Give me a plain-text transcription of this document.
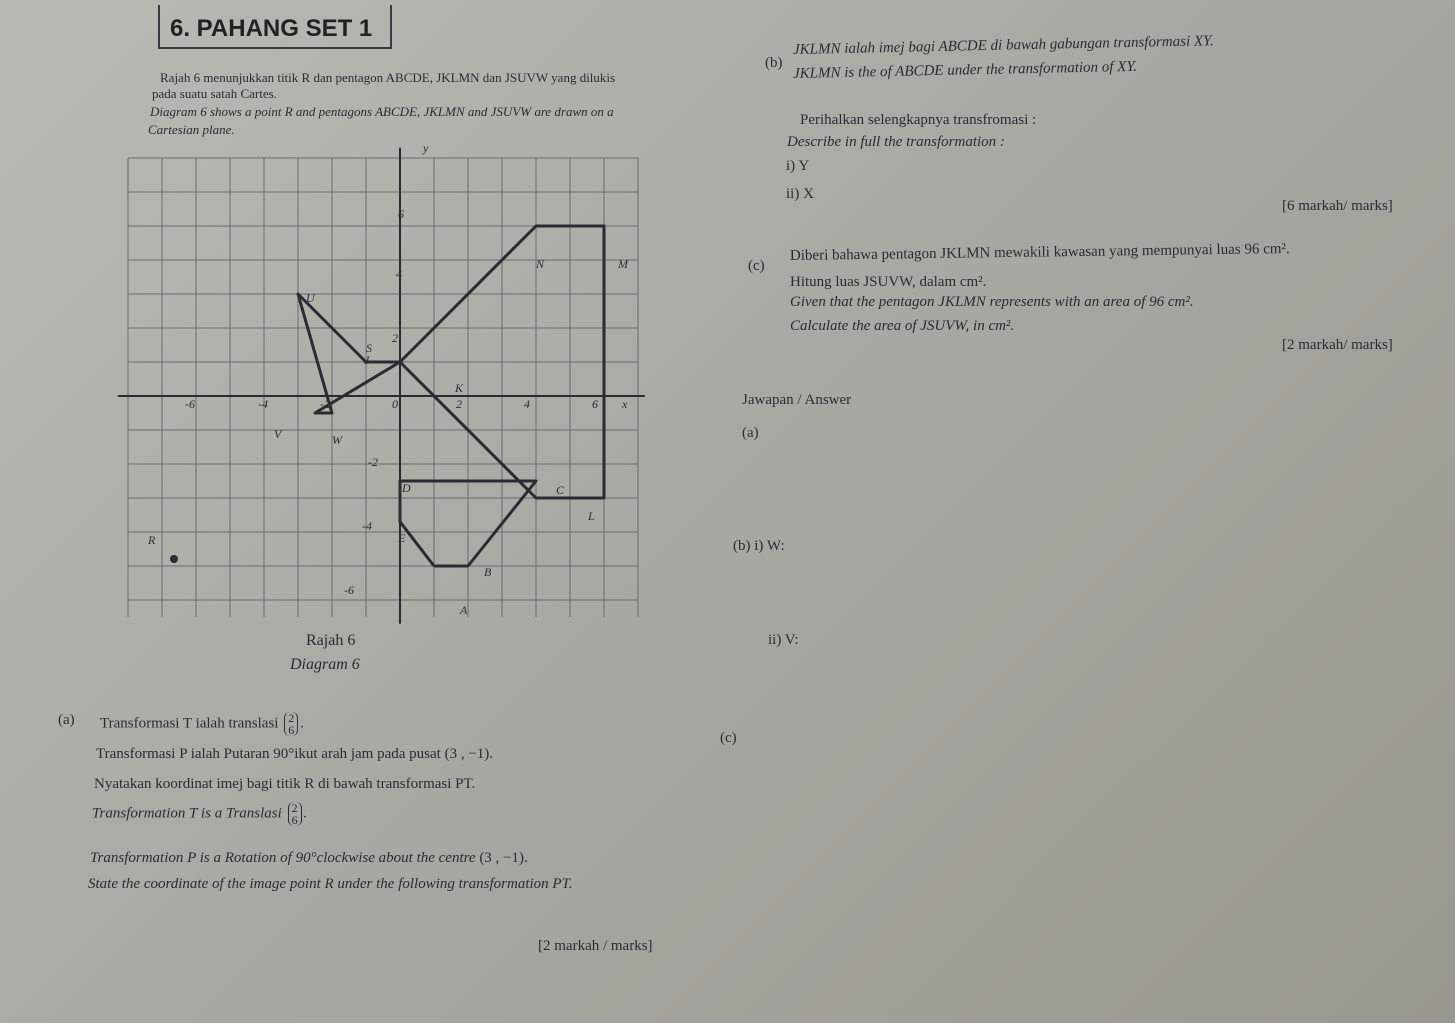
6. PAHANG SET 1
Rajah 6 menunjukkan titik R dan pentagon ABCDE, JKLMN dan JSUVW yang dilukis
pada suatu satah Cartes.
Diagram 6 shows a point R and pentagons ABCDE, JKLMN and JSUVW are drawn on a
Cartesian plane.
-6	-4	-2	0	2	4	6
6
4
2
-2
-4
-6
x
y
N	M
K
J
L
U
V	W
S
D	C
E
B
A
R
Rajah 6
Diagram 6
(b)
JKLMN ialah imej bagi ABCDE di bawah gabungan transformasi XY.
JKLMN is the of ABCDE under the transformation of XY.
Perihalkan selengkapnya transfromasi :
Describe in full the transformation :
i) Y
ii) X
[6 markah/ marks]
(c)
Diberi bahawa pentagon JKLMN mewakili kawasan yang mempunyai luas 96 cm².
Hitung luas JSUVW, dalam cm².
Given that the pentagon JKLMN represents with an area of 96 cm².
Calculate the area of JSUVW, in cm².
[2 markah/ marks]
Jawapan / Answer
(a)
(b) i) W:
ii) V:
(c)
(a) Transformasi T ialah translasi 2
6 .
Transformasi P ialah Putaran 90°ikut arah jam pada pusat (3 , −1).
Nyatakan koordinat imej bagi titik R di bawah transformasi PT.
Transformation T is a Translasi 2
6 .
Transformation P is a Rotation of 90°clockwise about the centre (3 , −1).
State the coordinate of the image point R under the following transformation PT.
[2 markah / marks]
